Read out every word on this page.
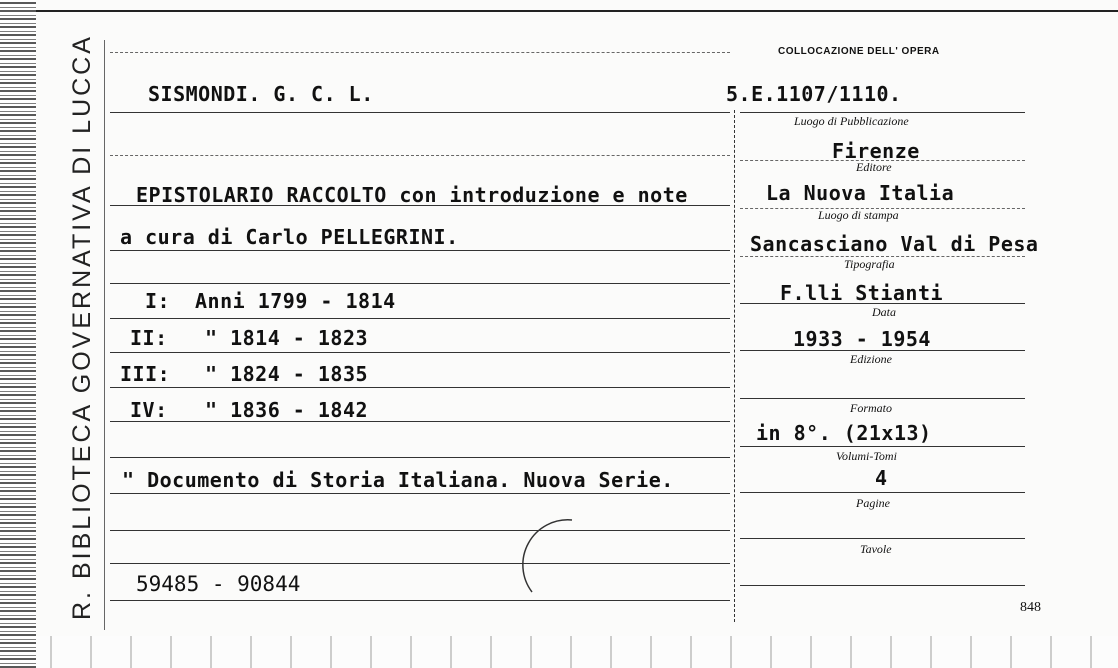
R. BIBLIOTECA GOVERNATIVA DI LUCCA	COLLOCAZIONE DELL' OPERA
SISMONDI. G. C. L.	5.E.1107/1110.
EPISTOLARIO RACCOLTO con introduzione e note
a cura di Carlo PELLEGRINI.
I: Anni 1799 - 1814
II: " 1814 - 1823
III: " 1824 - 1835
IV: " 1836 - 1842
" Documento di Storia Italiana. Nuova Serie.
59485 - 90844
Luogo di Pubblicazione
Firenze
Editore
La Nuova Italia
Luogo di stampa
Sancasciano Val di Pesa
Tipografia
F.lli Stianti
Data
1933 - 1954
Edizione
Formato
in 8°. (21x13)
Volumi-Tomi
4
Pagine
Tavole
848
